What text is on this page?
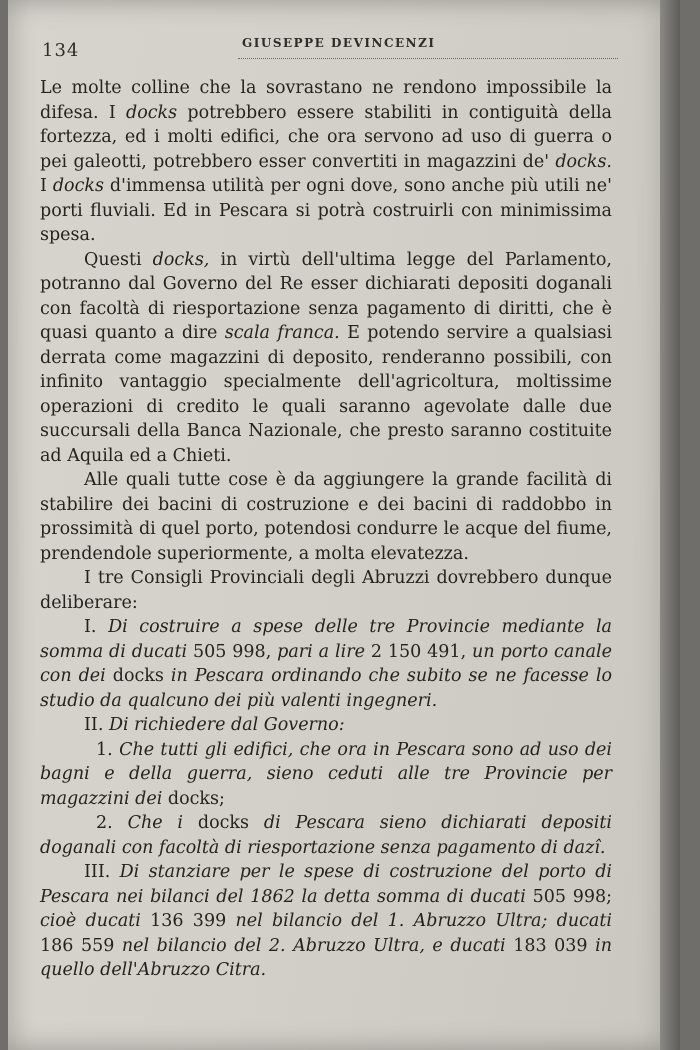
134	GIUSEPPE DEVINCENZI

Le molte colline che la sovrastano ne rendono impossibile la difesa. I docks potrebbero essere stabiliti in contiguità della fortezza, ed i molti edifici, che ora servono ad uso di guerra o pei galeotti, potrebbero esser convertiti in magazzini de' docks. I docks d'immensa utilità per ogni dove, sono anche più utili ne' porti fluviali. Ed in Pescara si potrà costruirli con minimissima spesa.

Questi docks, in virtù dell'ultima legge del Parlamento, potranno dal Governo del Re esser dichiarati depositi doganali con facoltà di riesportazione senza pagamento di diritti, che è quasi quanto a dire scala franca. E potendo servire a qualsiasi derrata come magazzini di deposito, renderanno possibili, con infinito vantaggio specialmente dell'agricoltura, moltissime operazioni di credito le quali saranno agevolate dalle due succursali della Banca Nazionale, che presto saranno costituite ad Aquila ed a Chieti.

Alle quali tutte cose è da aggiungere la grande facilità di stabilire dei bacini di costruzione e dei bacini di raddobbo in prossimità di quel porto, potendosi condurre le acque del fiume, prendendole superiormente, a molta elevatezza.

I tre Consigli Provinciali degli Abruzzi dovrebbero dunque deliberare:

I. Di costruire a spese delle tre Provincie mediante la somma di ducati 505 998, pari a lire 2 150 491, un porto canale con dei docks in Pescara ordinando che subito se ne facesse lo studio da qualcuno dei più valenti ingegneri.

II. Di richiedere dal Governo:

1. Che tutti gli edifici, che ora in Pescara sono ad uso dei bagni e della guerra, sieno ceduti alle tre Provincie per magazzini dei docks;

2. Che i docks di Pescara sieno dichiarati depositi doganali con facoltà di riesportazione senza pagamento di dazî.

III. Di stanziare per le spese di costruzione del porto di Pescara nei bilanci del 1862 la detta somma di ducati 505 998; cioè ducati 136 399 nel bilancio del 1. Abruzzo Ultra; ducati 186 559 nel bilancio del 2. Abruzzo Ultra, e ducati 183 039 in quello dell'Abruzzo Citra.
